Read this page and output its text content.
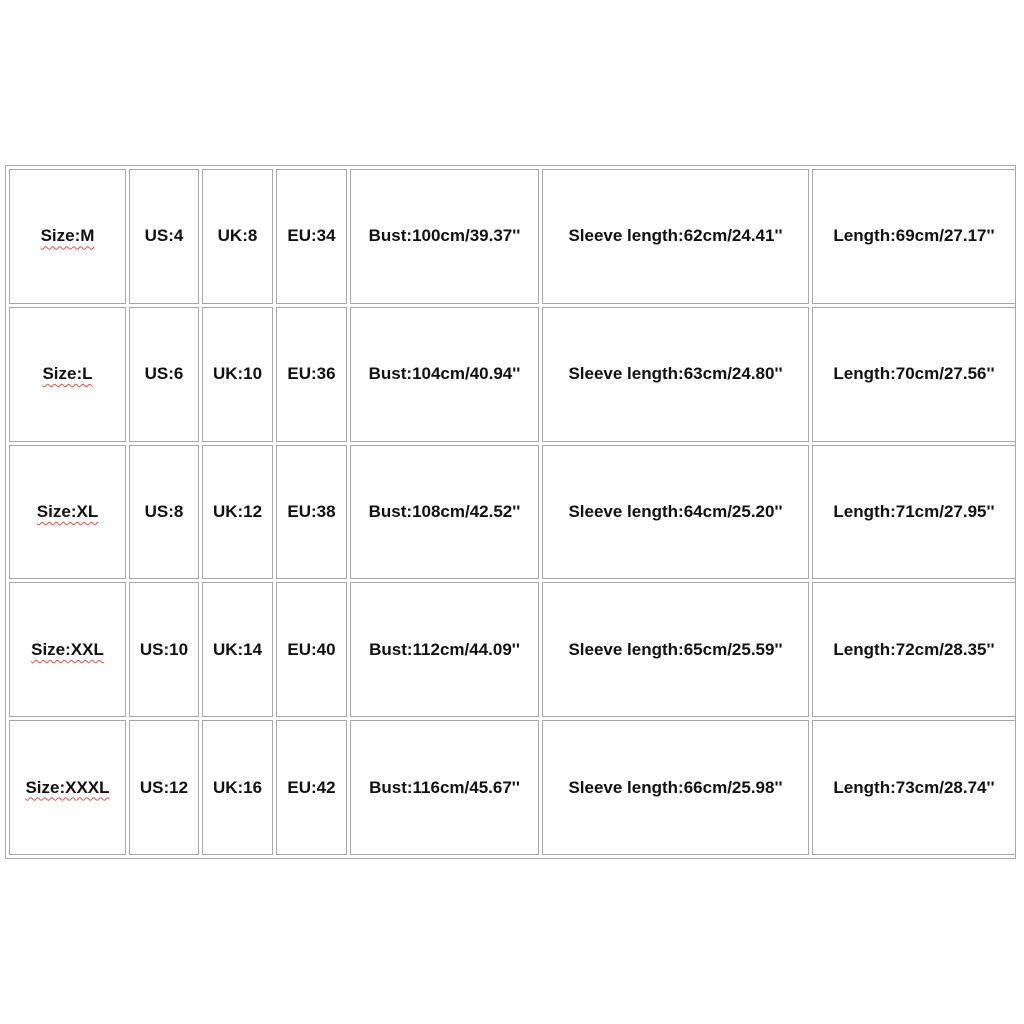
Size:M	US:4	UK:8	EU:34	Bust:100cm/39.37''	Sleeve length:62cm/24.41''	Length:69cm/27.17''
Size:L	US:6	UK:10	EU:36	Bust:104cm/40.94''	Sleeve length:63cm/24.80''	Length:70cm/27.56''
Size:XL	US:8	UK:12	EU:38	Bust:108cm/42.52''	Sleeve length:64cm/25.20''	Length:71cm/27.95''
Size:XXL	US:10	UK:14	EU:40	Bust:112cm/44.09''	Sleeve length:65cm/25.59''	Length:72cm/28.35''
Size:XXXL	US:12	UK:16	EU:42	Bust:116cm/45.67''	Sleeve length:66cm/25.98''	Length:73cm/28.74''
